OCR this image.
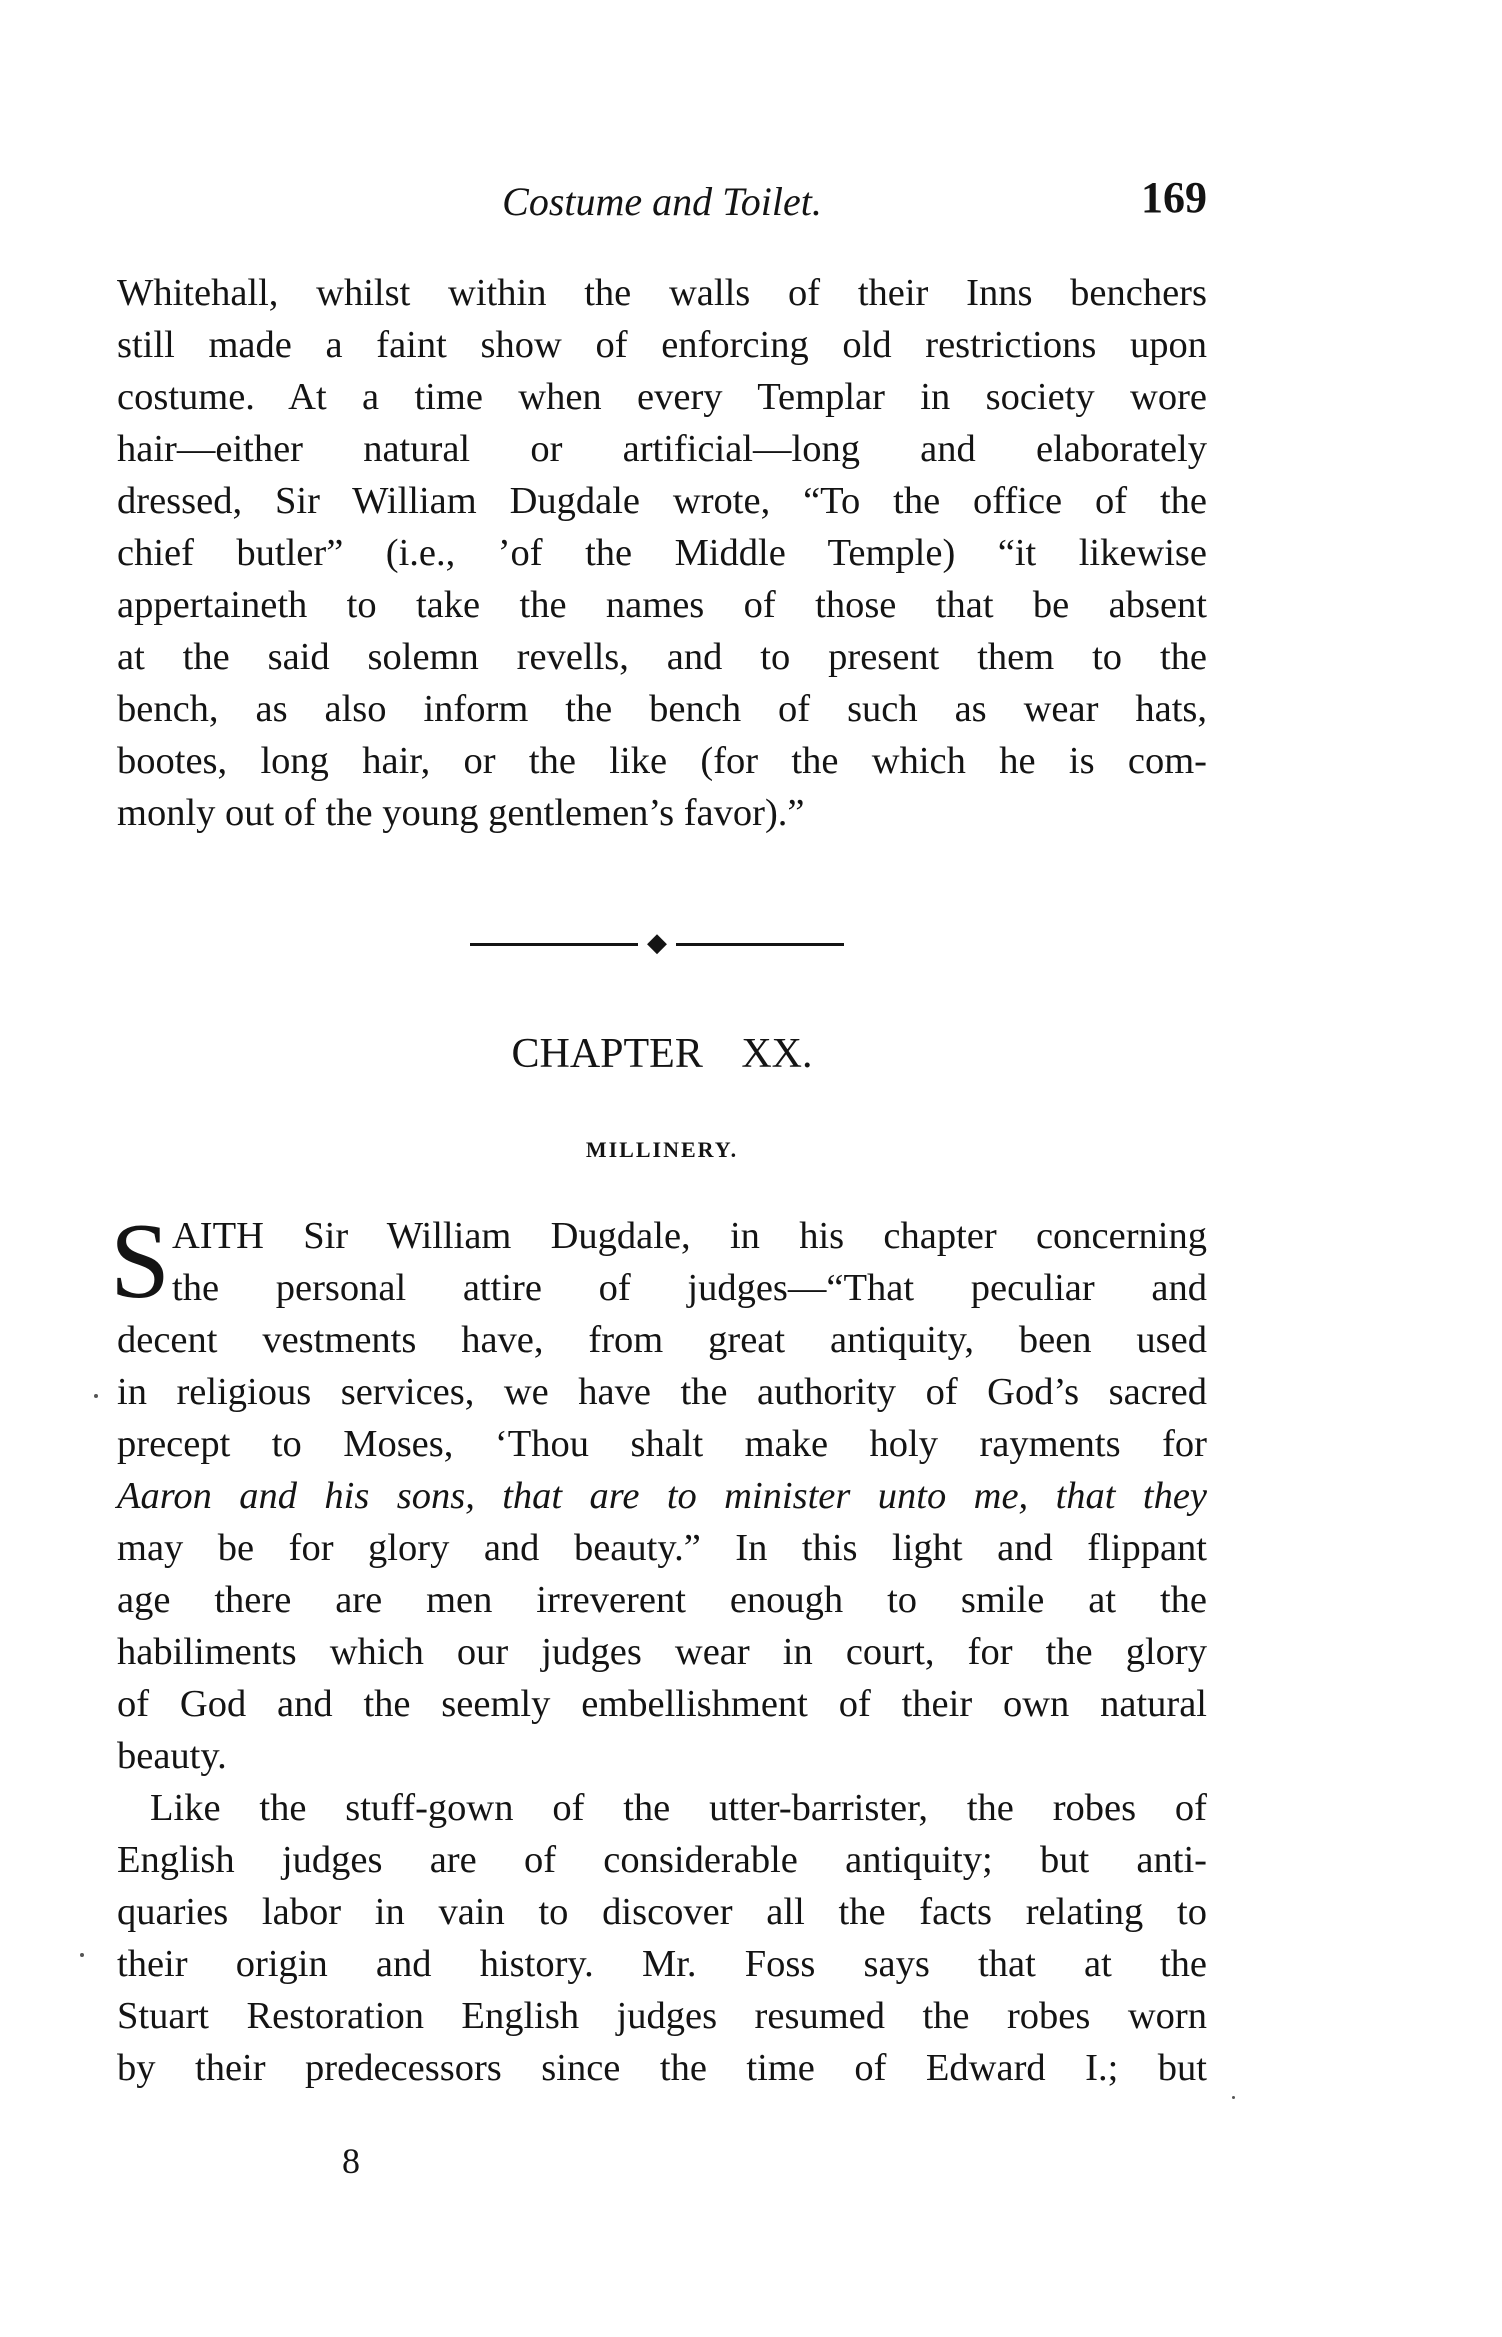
Costume and Toilet.	169
Whitehall, whilst within the walls of their Inns benchers
still made a faint show of enforcing old restrictions upon
costume. At a time when every Templar in society wore
hair—either natural or artificial—long and elaborately
dressed, Sir William Dugdale wrote, “To the office of the
chief butler” (i.e., ’of the Middle Temple) “it likewise
appertaineth to take the names of those that be absent
at the said solemn revells, and to present them to the
bench, as also inform the bench of such as wear hats,
bootes, long hair, or the like (for the which he is com-
monly out of the young gentlemen’s favor).”
◆
CHAPTER XX.
MILLINERY.
S AITH Sir William Dugdale, in his chapter concerning
the personal attire of judges—“That peculiar and
decent vestments have, from great antiquity, been used
in religious services, we have the authority of God’s sacred
precept to Moses, ‘Thou shalt make holy rayments for
Aaron and his sons, that are to minister unto me, that they
may be for glory and beauty.” In this light and flippant
age there are men irreverent enough to smile at the
habiliments which our judges wear in court, for the glory
of God and the seemly embellishment of their own natural
beauty.
Like the stuff-gown of the utter-barrister, the robes of
English judges are of considerable antiquity; but anti-
quaries labor in vain to discover all the facts relating to
their origin and history. Mr. Foss says that at the
Stuart Restoration English judges resumed the robes worn
by their predecessors since the time of Edward I.; but
8
